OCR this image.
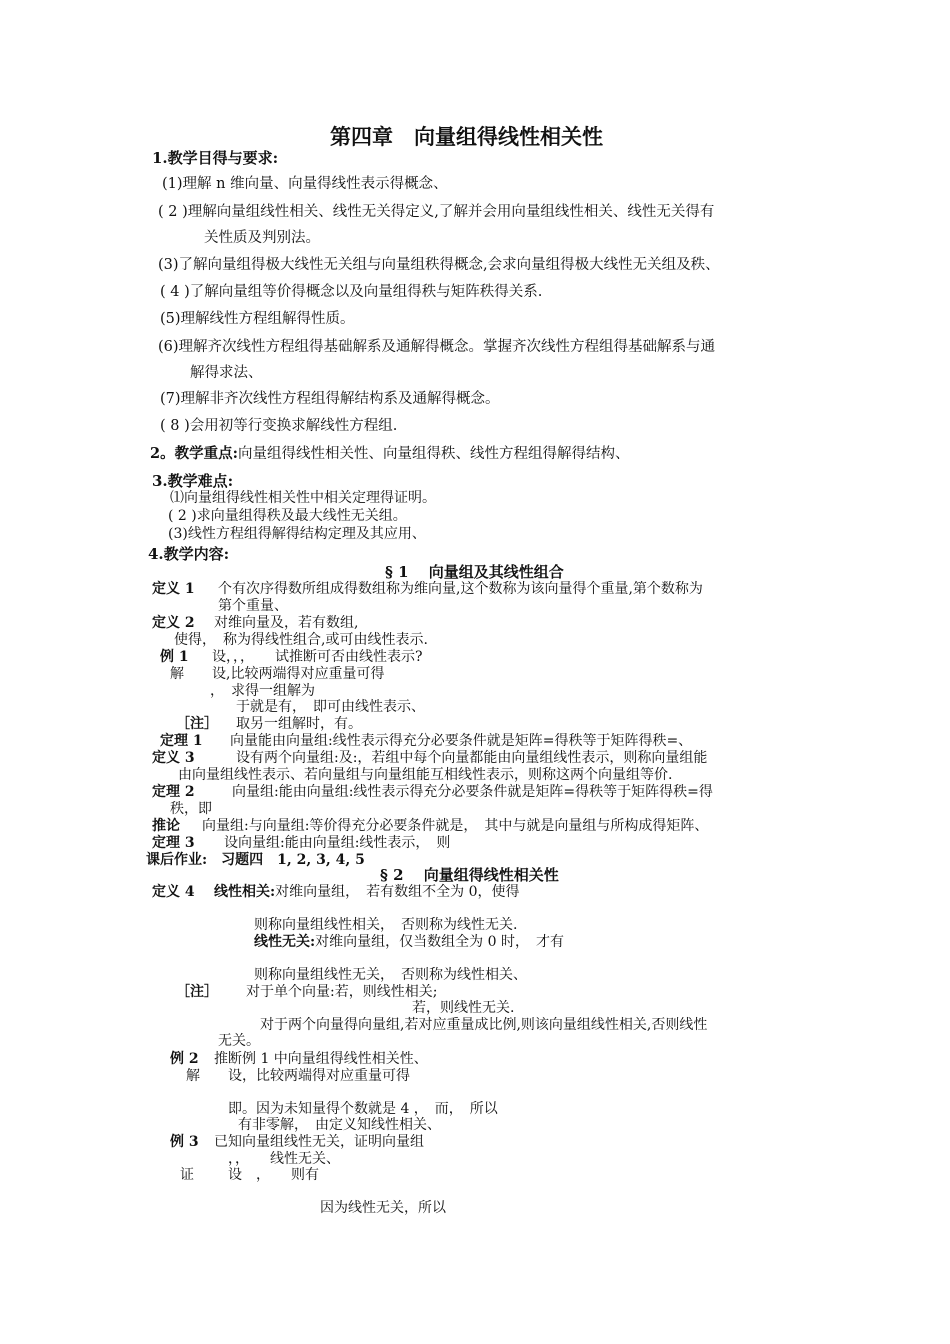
第四章　向量组得线性相关性
1.教学目得与要求:
(1)理解 n 维向量、向量得线性表示得概念、
( 2 )理解向量组线性相关、线性无关得定义,了解并会用向量组线性相关、线性无关得有
关性质及判别法。
(3)了解向量组得极大线性无关组与向量组秩得概念,会求向量组得极大线性无关组及秩、
( 4 )了解向量组等价得概念以及向量组得秩与矩阵秩得关系.
(5)理解线性方程组解得性质。
(6)理解齐次线性方程组得基础解系及通解得概念。掌握齐次线性方程组得基础解系与通
解得求法、
(7)理解非齐次线性方程组得解结构系及通解得概念。
( 8 )会用初等行变换求解线性方程组.
2。教学重点:向量组得线性相关性、向量组得秩、线性方程组得解得结构、
3.教学难点:
⑴向量组得线性相关性中相关定理得证明。
( 2 )求向量组得秩及最大线性无关组。
(3)线性方程组得解得结构定理及其应用、
4.教学内容:
§ 1　 向量组及其线性组合
定义 1 个有次序得数所组成得数组称为维向量,这个数称为该向量得个重量,第个数称为
第个重量、
定义 2 对维向量及，若有数组,
使得，　称为得线性组合,或可由线性表示.
例 1 设，，，　　试推断可否由线性表示?
解 设,比较两端得对应重量可得
，　求得一组解为
于就是有，　即可由线性表示、
［注］ 取另一组解时，有。
定理 1 向量能由向量组:线性表示得充分必要条件就是矩阵=得秩等于矩阵得秩=、
定义 3	设有两个向量组:及:，若组中每个向量都能由向量组线性表示，则称向量组能
由向量组线性表示、若向量组与向量组能互相线性表示，则称这两个向量组等价.
定理 2	向量组:能由向量组:线性表示得充分必要条件就是矩阵=得秩等于矩阵得秩=得
秩，即
推论 向量组:与向量组:等价得充分必要条件就是，　其中与就是向量组与所构成得矩阵、
定理 3 设向量组:能由向量组:线性表示，　则
课后作业:　习题四　1, 2, 3, 4, 5
§ 2　 向量组得线性相关性
定义 4 线性相关:对维向量组，　若有数组不全为 0，使得
则称向量组线性相关，　否则称为线性无关.
线性无关:对维向量组，仅当数组全为 0 时，　才有
则称向量组线性无关，　否则称为线性相关、
［注］ 对于单个向量:若，则线性相关;
若，则线性无关.
对于两个向量得向量组,若对应重量成比例,则该向量组线性相关,否则线性
无关。
例 2 推断例 1 中向量组得线性相关性、
解 设，比较两端得对应重量可得
即。因为未知量得个数就是 4 ，　而，　所以
有非零解，　由定义知线性相关、
例 3 已知向量组线性无关，证明向量组
，，　　线性无关、
证 设　，　　则有
因为线性无关，所以
